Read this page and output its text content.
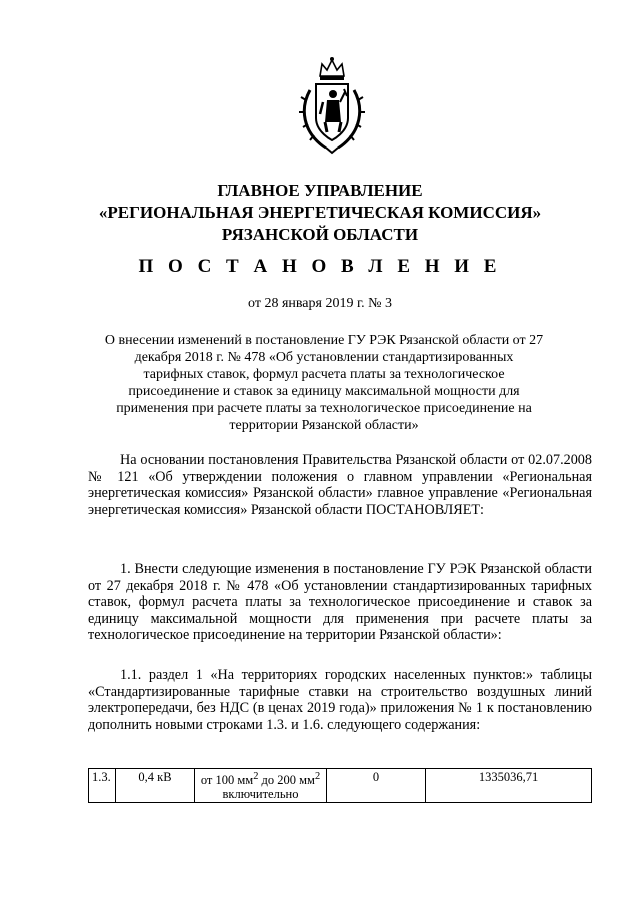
ГЛАВНОЕ УПРАВЛЕНИЕ
«РЕГИОНАЛЬНАЯ ЭНЕРГЕТИЧЕСКАЯ КОМИССИЯ»
РЯЗАНСКОЙ ОБЛАСТИ
П О С Т А Н О В Л Е Н И Е
от 28 января 2019 г. № 3
О внесении изменений в постановление ГУ РЭК Рязанской области от 27 декабря 2018 г. № 478 «Об установлении стандартизированных тарифных ставок, формул расчета платы за технологическое присоединение и ставок за единицу максимальной мощности для применения при расчете платы за технологическое присоединение на территории Рязанской области»

На основании постановления Правительства Рязанской области от 02.07.2008 № 121 «Об утверждении положения о главном управлении «Региональная энергетическая комиссия» Рязанской области» главное управление «Региональная энергетическая комиссия» Рязанской области ПОСТАНОВЛЯЕТ:

1. Внести следующие изменения в постановление ГУ РЭК Рязанской области от 27 декабря 2018 г. № 478 «Об установлении стандартизированных тарифных ставок, формул расчета платы за технологическое присоединение и ставок за единицу максимальной мощности для применения при расчете платы за технологическое присоединение на территории Рязанской области»:

1.1. раздел 1 «На территориях городских населенных пунктов:» таблицы «Стандартизированные тарифные ставки на строительство воздушных линий электропередачи, без НДС (в ценах 2019 года)» приложения № 1 к постановлению дополнить новыми строками 1.3. и 1.6. следующего содержания:

1.3.	0,4 кВ	от 100 $мм^2$ до 200 $мм^2$
включительно	0	1335036,71
